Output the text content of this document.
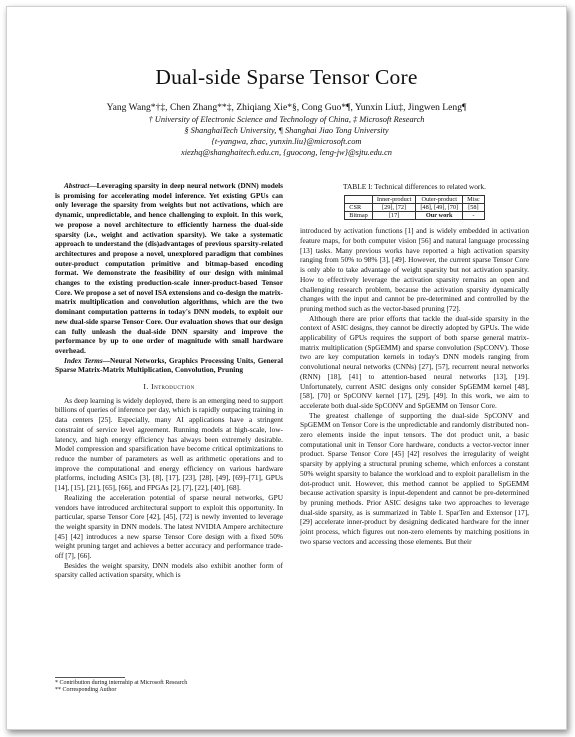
Dual-side Sparse Tensor Core
Yang Wang*†‡, Chen Zhang**‡, Zhiqiang Xie*§, Cong Guo*¶, Yunxin Liu‡, Jingwen Leng¶
† University of Electronic Science and Technology of China, ‡ Microsoft Research
§ ShanghaiTech University, ¶ Shanghai Jiao Tong University
{t-yangwa, zhac, yunxin.liu}@microsoft.com
xiezhq@shanghaitech.edu.cn, {guocong, leng-jw}@sjtu.edu.cn

Abstract—Leveraging sparsity in deep neural network (DNN) models is promising for accelerating model inference. Yet existing GPUs can only leverage the sparsity from weights but not activations, which are dynamic, unpredictable, and hence challenging to exploit. In this work, we propose a novel architecture to efficiently harness the dual-side sparsity (i.e., weight and activation sparsity). We take a systematic approach to understand the (dis)advantages of previous sparsity-related architectures and propose a novel, unexplored paradigm that combines outer-product computation primitive and bitmap-based encoding format. We demonstrate the feasibility of our design with minimal changes to the existing production-scale inner-product-based Tensor Core. We propose a set of novel ISA extensions and co-design the matrix-matrix multiplication and convolution algorithms, which are the two dominant computation patterns in today's DNN models, to exploit our new dual-side sparse Tensor Core. Our evaluation shows that our design can fully unleash the dual-side DNN sparsity and improve the performance by up to one order of magnitude with small hardware overhead.

Index Terms—Neural Networks, Graphics Processing Units, General Sparse Matrix-Matrix Multiplication, Convolution, Pruning

I. Introduction

As deep learning is widely deployed, there is an emerging need to support billions of queries of inference per day, which is rapidly outpacing training in data centers [25]. Especially, many AI applications have a stringent constraint of service level agreement. Running models at high-scale, low-latency, and high energy efficiency has always been extremely desirable. Model compression and sparsification have become critical optimizations to reduce the number of parameters as well as arithmetic operations and to improve the computational and energy efficiency on various hardware platforms, including ASICs [3], [8], [17], [23], [28], [49], [69]–[71], GPUs [14], [15], [21], [65], [66], and FPGAs [2], [7], [22], [40], [68].

Realizing the acceleration potential of sparse neural networks, GPU vendors have introduced architectural support to exploit this opportunity. In particular, sparse Tensor Core [42], [45], [72] is newly invented to leverage the weight sparsity in DNN models. The latest NVIDIA Ampere architecture [45] [42] introduces a new sparse Tensor Core design with a fixed 50% weight pruning target and achieves a better accuracy and performance trade-off [7], [66].

Besides the weight sparsity, DNN models also exhibit another form of sparsity called activation sparsity, which is

* Contribution during internship at Microsoft Research
** Corresponding Author
TABLE I: Technical differences to related work.
	Inner-product	Outer-product	Misc
CSR	[29], [72]	[48], [49], [70]	[58]
Bitmap	[17]	Our work	-

introduced by activation functions [1] and is widely embedded in activation feature maps, for both computer vision [56] and natural language processing [13] tasks. Many previous works have reported a high activation sparsity ranging from 50% to 98% [3], [49]. However, the current sparse Tensor Core is only able to take advantage of weight sparsity but not activation sparsity. How to effectively leverage the activation sparsity remains an open and challenging research problem, because the activation sparsity dynamically changes with the input and cannot be pre-determined and controlled by the pruning method such as the vector-based pruning [72].

Although there are prior efforts that tackle the dual-side sparsity in the context of ASIC designs, they cannot be directly adopted by GPUs. The wide applicability of GPUs requires the support of both sparse general matrix-matrix multiplication (SpGEMM) and sparse convolution (SpCONV). Those two are key computation kernels in today's DNN models ranging from convolutional neural networks (CNNs) [27], [57], recurrent neural networks (RNN) [18], [41] to attention-based neural networks [13], [19]. Unfortunately, current ASIC designs only consider SpGEMM kernel [48], [58], [70] or SpCONV kernel [17], [29], [49]. In this work, we aim to accelerate both dual-side SpCONV and SpGEMM on Tensor Core.

The greatest challenge of supporting the dual-side SpCONV and SpGEMM on Tensor Core is the unpredictable and randomly distributed non-zero elements inside the input tensors. The dot product unit, a basic computational unit in Tensor Core hardware, conducts a vector-vector inner product. Sparse Tensor Core [45] [42] resolves the irregularity of weight sparsity by applying a structural pruning scheme, which enforces a constant 50% weight sparsity to balance the workload and to exploit parallelism in the dot-product unit. However, this method cannot be applied to SpGEMM because activation sparsity is input-dependent and cannot be pre-determined by pruning methods. Prior ASIC designs take two approaches to leverage dual-side sparsity, as is summarized in Table I. SparTen and Extensor [17], [29] accelerate inner-product by designing dedicated hardware for the inner joint process, which figures out non-zero elements by matching positions in two sparse vectors and accessing those elements. But their
